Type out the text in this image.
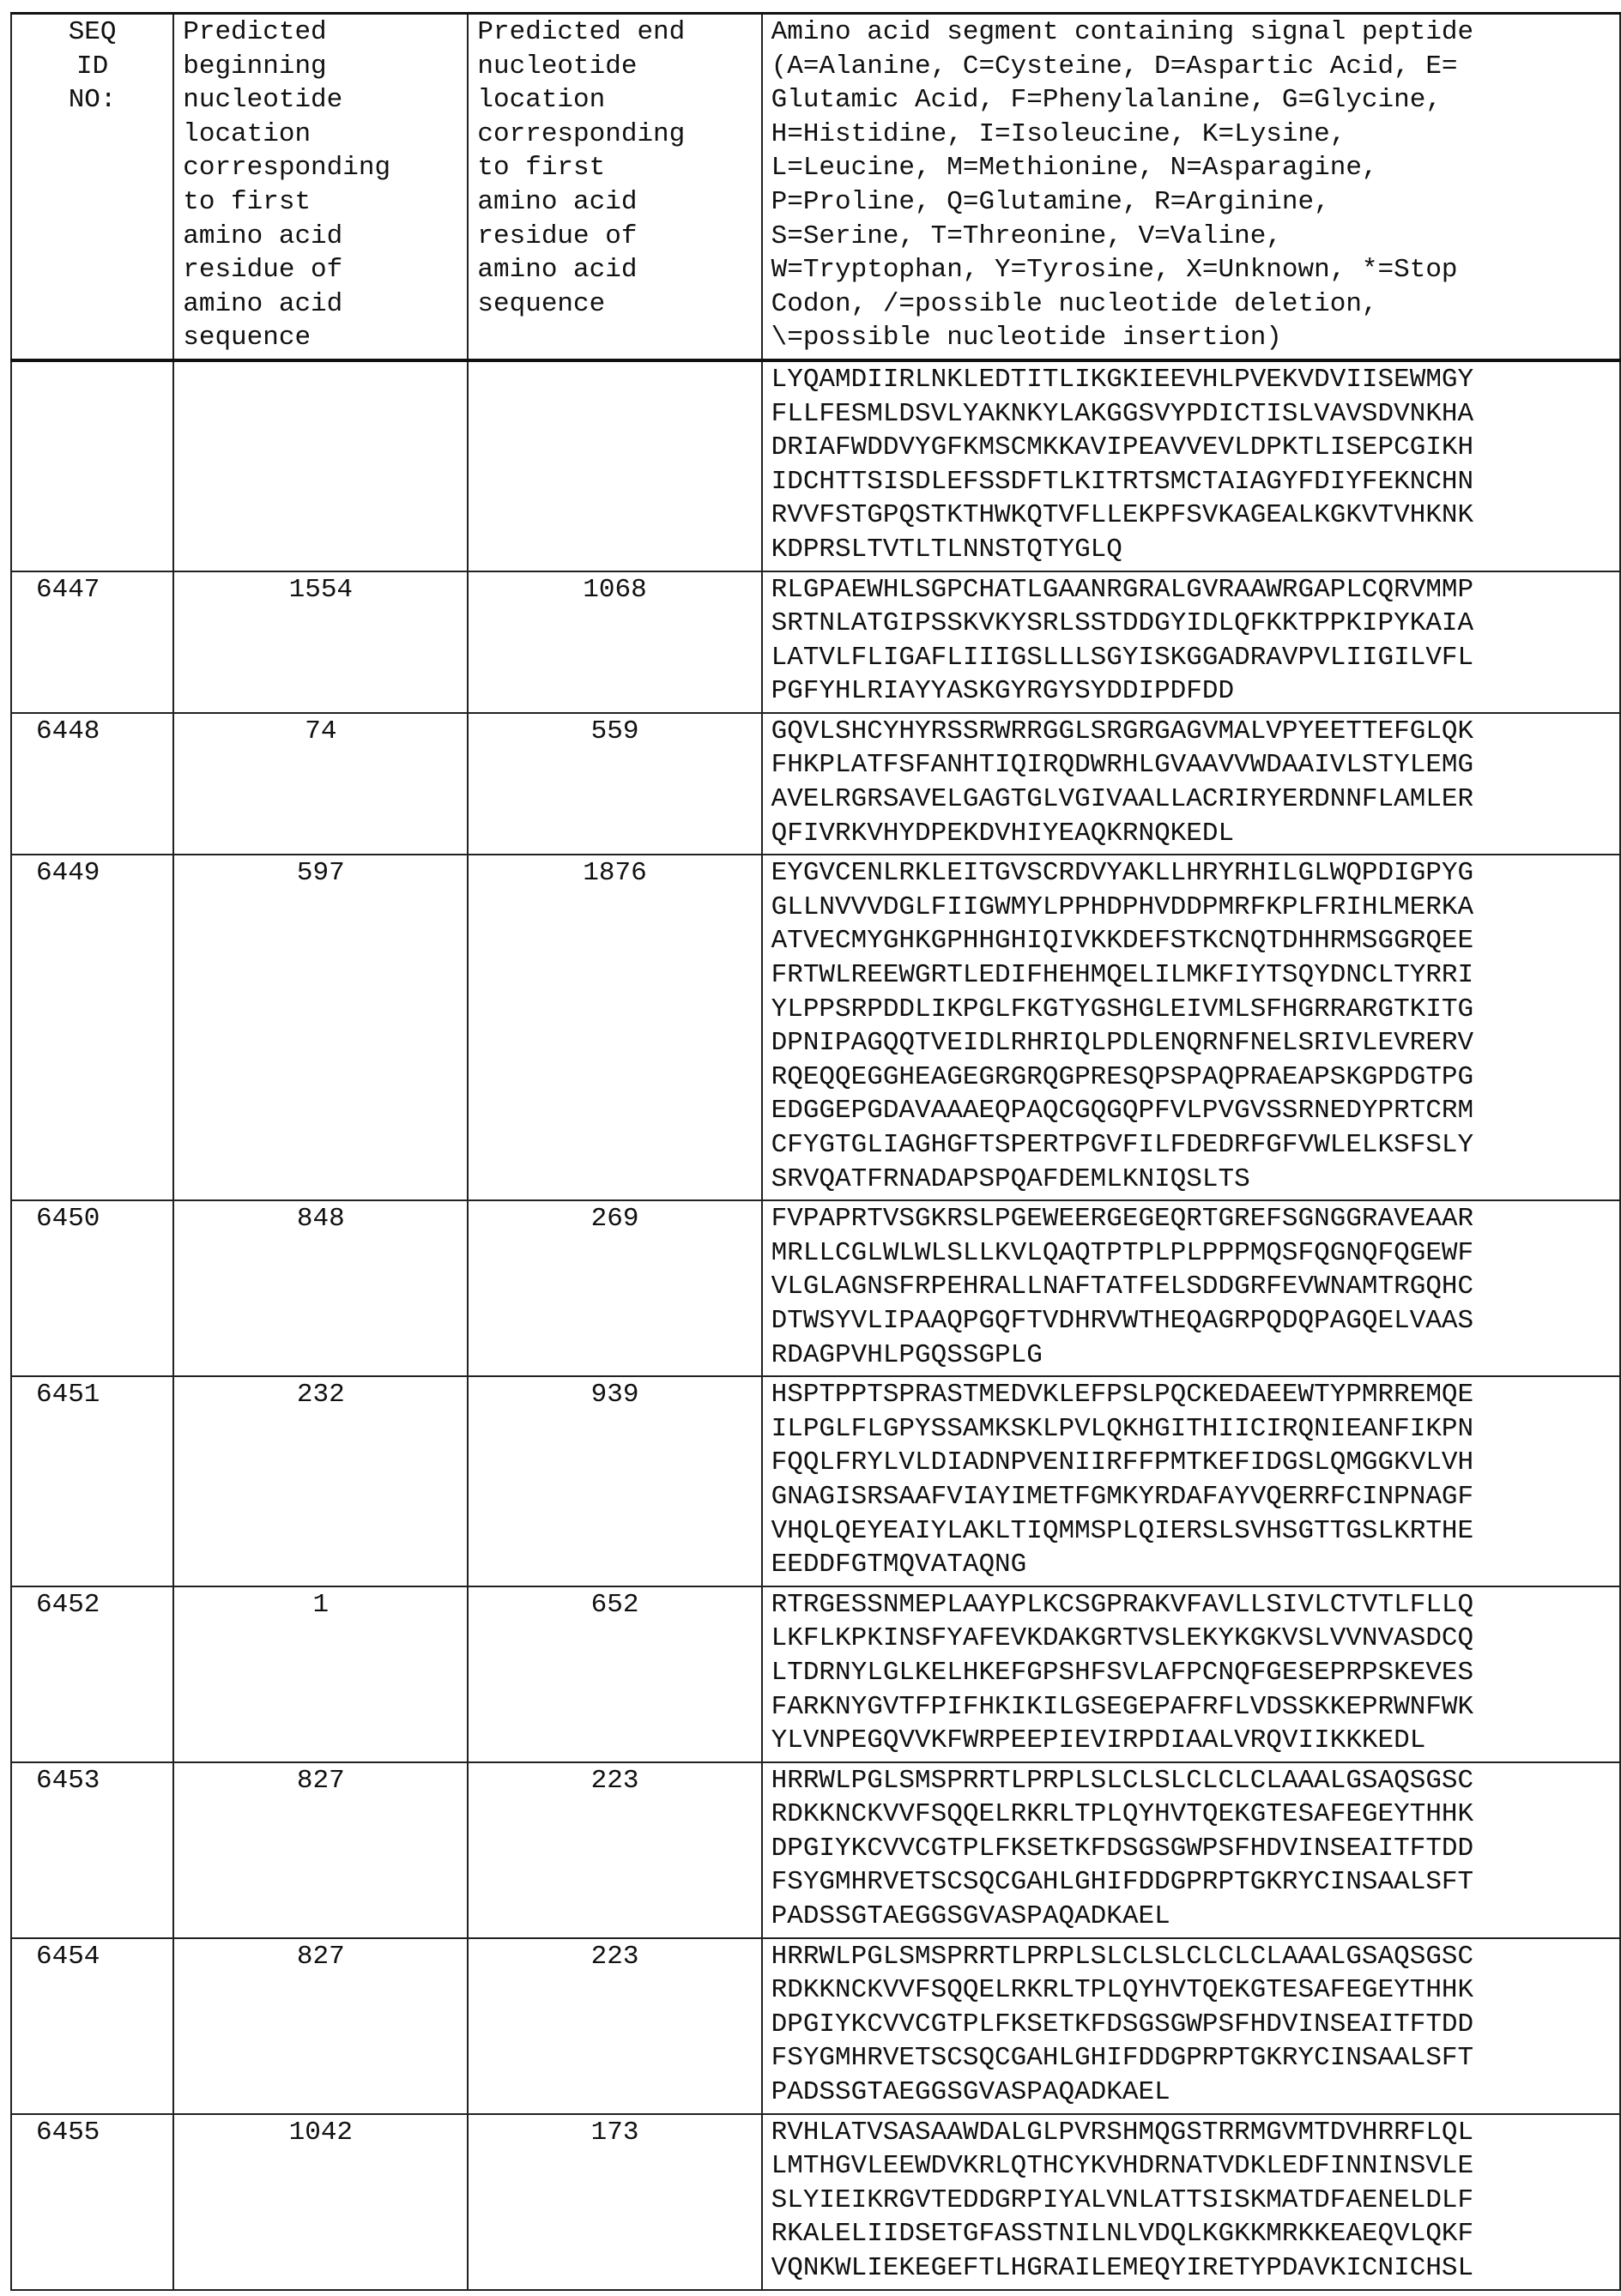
SEQ
ID
NO:	Predicted
beginning
nucleotide
location
corresponding
to first
amino acid
residue of
amino acid
sequence	Predicted end
nucleotide
location
corresponding
to first
amino acid
residue of
amino acid
sequence	Amino acid segment containing signal peptide
(A=Alanine, C=Cysteine, D=Aspartic Acid, E=
Glutamic Acid, F=Phenylalanine, G=Glycine,
H=Histidine, I=Isoleucine, K=Lysine,
L=Leucine, M=Methionine, N=Asparagine,
P=Proline, Q=Glutamine, R=Arginine,
S=Serine, T=Threonine, V=Valine,
W=Tryptophan, Y=Tyrosine, X=Unknown, *=Stop
Codon, /=possible nucleotide deletion,
\=possible nucleotide insertion)
			LYQAMDIIRLNKLEDTITLIKGKIEEVHLPVEKVDVIISEWMGY
FLLFESMLDSVLYAKNKYLAKGGSVYPDICTISLVAVSDVNKHA
DRIAFWDDVYGFKMSCMKKAVIPEAVVEVLDPKTLISEPCGIKH
IDCHTTSISDLEFSSDFTLKITRTSMCTAIAGYFDIYFEKNCHN
RVVFSTGPQSTKTHWKQTVFLLEKPFSVKAGEALKGKVTVHKNK
KDPRSLTVTLTLNNSTQTYGLQ
6447	1554	1068	RLGPAEWHLSGPCHATLGAANRGRALGVRAAWRGAPLCQRVMMP
SRTNLATGIPSSKVKYSRLSSTDDGYIDLQFKKTPPKIPYKAIA
LATVLFLIGAFLIIIGSLLLSGYISKGGADRAVPVLIIGILVFL
PGFYHLRIAYYASKGYRGYSYDDIPDFDD
6448	74	559	GQVLSHCYHYRSSRWRRGGLSRGRGAGVMALVPYEETTEFGLQK
FHKPLATFSFANHTIQIRQDWRHLGVAAVVWDAAIVLSTYLEMG
AVELRGRSAVELGAGTGLVGIVAALLACRIRYERDNNFLAMLER
QFIVRKVHYDPEKDVHIYEAQKRNQKEDL
6449	597	1876	EYGVCENLRKLEITGVSCRDVYAKLLHRYRHILGLWQPDIGPYG
GLLNVVVDGLFIIGWMYLPPHDPHVDDPMRFKPLFRIHLMERKA
ATVECMYGHKGPHHGHIQIVKKDEFSTKCNQTDHHRMSGGRQEE
FRTWLREEWGRTLEDIFHEHMQELILMKFIYTSQYDNCLTYRRI
YLPPSRPDDLIKPGLFKGTYGSHGLEIVMLSFHGRRARGTKITG
DPNIPAGQQTVEIDLRHRIQLPDLENQRNFNELSRIVLEVRERV
RQEQQEGGHEAGEGRGRQGPRESQPSPAQPRAEAPSKGPDGTPG
EDGGEPGDAVAAAEQPAQCGQGQPFVLPVGVSSRNEDYPRTCRM
CFYGTGLIAGHGFTSPERTPGVFILFDEDRFGFVWLELKSFSLY
SRVQATFRNADAPSPQAFDEMLKNIQSLTS
6450	848	269	FVPAPRTVSGKRSLPGEWEERGEGEQRTGREFSGNGGRAVEAAR
MRLLCGLWLWLSLLKVLQAQTPTPLPLPPPMQSFQGNQFQGEWF
VLGLAGNSFRPEHRALLNAFTATFELSDDGRFEVWNAMTRGQHC
DTWSYVLIPAAQPGQFTVDHRVWTHEQAGRPQDQPAGQELVAAS
RDAGPVHLPGQSSGPLG
6451	232	939	HSPTPPTSPRASTMEDVKLEFPSLPQCKEDAEEWTYPMRREMQE
ILPGLFLGPYSSAMKSKLPVLQKHGITHIICIRQNIEANFIKPN
FQQLFRYLVLDIADNPVENIIRFFPMTKEFIDGSLQMGGKVLVH
GNAGISRSAAFVIAYIMETFGMKYRDAFAYVQERRFCINPNAGF
VHQLQEYEAIYLAKLTIQMMSPLQIERSLSVHSGTTGSLKRTHE
EEDDFGTMQVATAQNG
6452	1	652	RTRGESSNMEPLAAYPLKCSGPRAKVFAVLLSIVLCTVTLFLLQ
LKFLKPKINSFYAFEVKDAKGRTVSLEKYKGKVSLVVNVASDCQ
LTDRNYLGLKELHKEFGPSHFSVLAFPCNQFGESEPRPSKEVES
FARKNYGVTFPIFHKIKILGSEGEPAFRFLVDSSKKEPRWNFWK
YLVNPEGQVVKFWRPEEPIEVIRPDIAALVRQVIIKKKEDL
6453	827	223	HRRWLPGLSMSPRRTLPRPLSLCLSLCLCLCLAAALGSAQSGSC
RDKKNCKVVFSQQELRKRLTPLQYHVTQEKGTESAFEGEYTHHK
DPGIYKCVVCGTPLFKSETKFDSGSGWPSFHDVINSEAITFTDD
FSYGMHRVETSCSQCGAHLGHIFDDGPRPTGKRYCINSAALSFT
PADSSGTAEGGSGVASPAQADKAEL
6454	827	223	HRRWLPGLSMSPRRTLPRPLSLCLSLCLCLCLAAALGSAQSGSC
RDKKNCKVVFSQQELRKRLTPLQYHVTQEKGTESAFEGEYTHHK
DPGIYKCVVCGTPLFKSETKFDSGSGWPSFHDVINSEAITFTDD
FSYGMHRVETSCSQCGAHLGHIFDDGPRPTGKRYCINSAALSFT
PADSSGTAEGGSGVASPAQADKAEL
6455	1042	173	RVHLATVSASAAWDALGLPVRSHMQGSTRRMGVMTDVHRRFLQL
LMTHGVLEEWDVKRLQTHCYKVHDRNATVDKLEDFINNINSVLE
SLYIEIKRGVTEDDGRPIYALVNLATTSISKMATDFAENELDLF
RKALELIIDSETGFASSTNILNLVDQLKGKKMRKKEAEQVLQKF
VQNKWLIEKEGEFTLHGRAILEMEQYIRETYPDAVKICNICHSL
